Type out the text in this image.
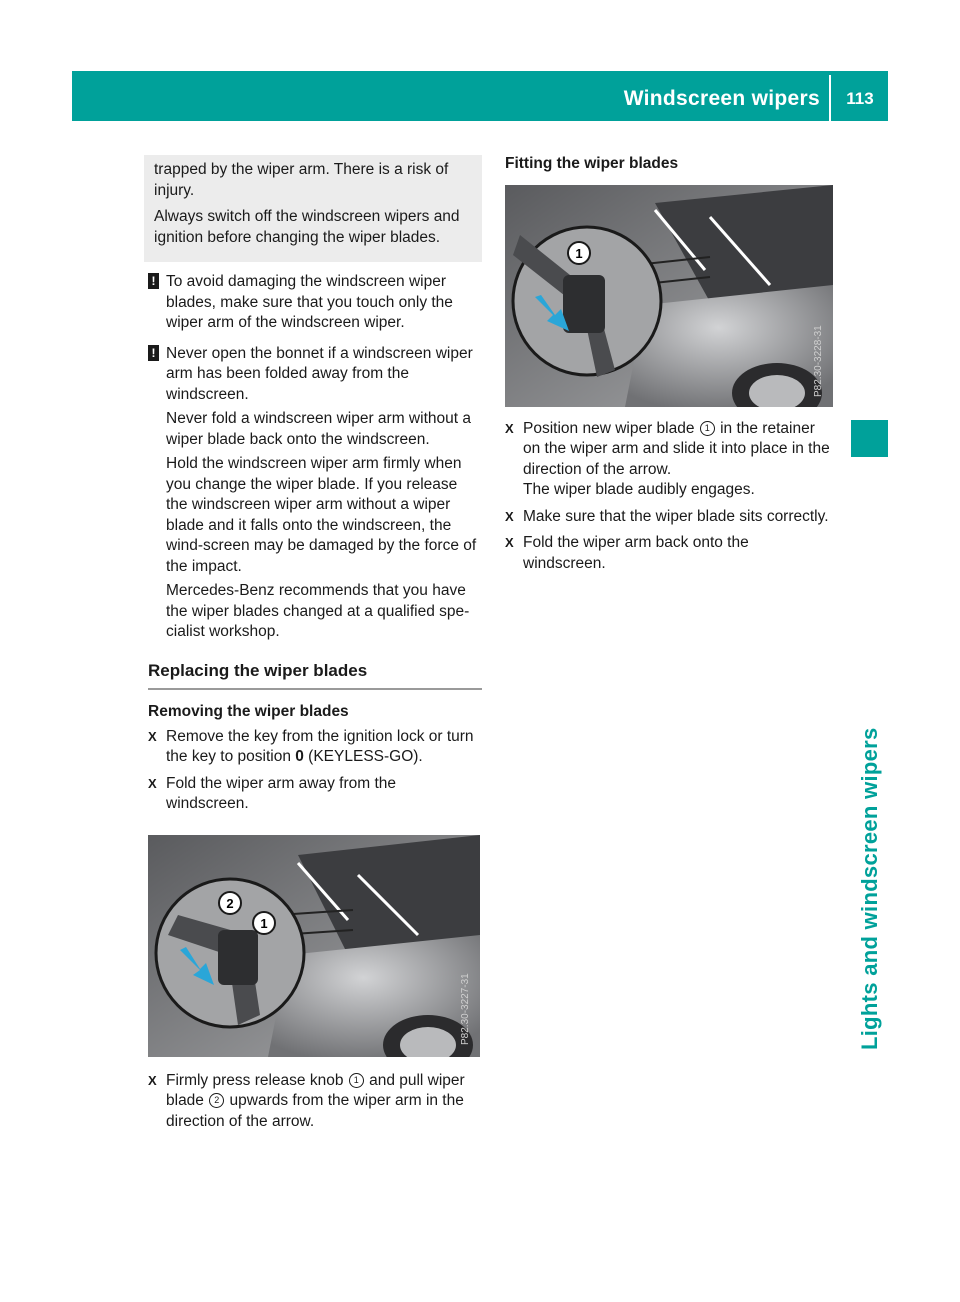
Windscreen wipers	113
Lights and windscreen wipers

trapped by the wiper arm. There is a risk of injury.

Always switch off the windscreen wipers and ignition before changing the wiper blades.

! To avoid damaging the windscreen wiper blades, make sure that you touch only the wiper arm of the windscreen wiper.

! Never open the bonnet if a windscreen wiper arm has been folded away from the windscreen.

Never fold a windscreen wiper arm without a wiper blade back onto the windscreen.

Hold the windscreen wiper arm firmly when you change the wiper blade. If you release the windscreen wiper arm without a wiper blade and it falls onto the windscreen, the wind-screen may be damaged by the force of the impact.

Mercedes-Benz recommends that you have the wiper blades changed at a qualified spe-cialist workshop.

Replacing the wiper blades
Removing the wiper blades
X Remove the key from the ignition lock or turn the key to position 0 (KEYLESS-GO).
X Fold the wiper arm away from the windscreen.
2
1
P82.30-3227-31
X Firmly press release knob 1 and pull wiper blade 2 upwards from the wiper arm in the direction of the arrow.
Fitting the wiper blades
1
P82.30-3228-31
X Position new wiper blade 1 in the retainer on the wiper arm and slide it into place in the direction of the arrow.
The wiper blade audibly engages.
X Make sure that the wiper blade sits correctly.
X Fold the wiper arm back onto the windscreen.
